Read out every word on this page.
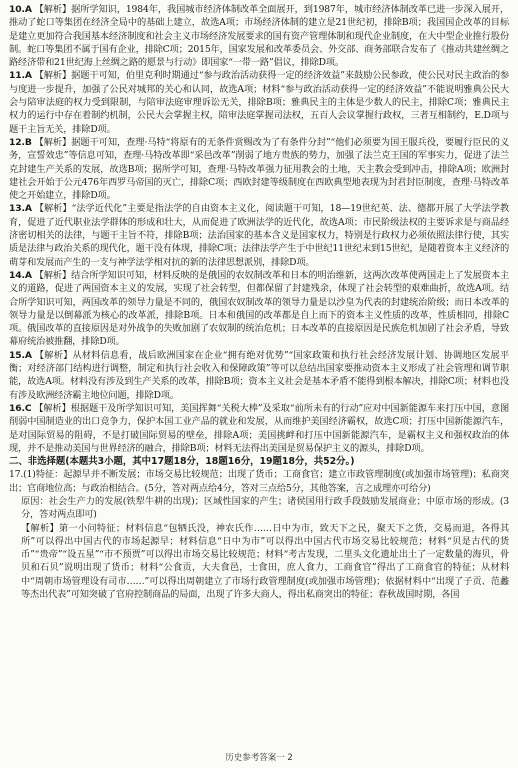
10.A 【解析】据所学知识，1984年，我国城市经济体制改革全面展开，到1987年，城市经济体制改革已进一步深入展开，推动了蛇口等集团在经济全局中的基础上建立，故选A项；市场经济体制的建立是21世纪初，排除B项；我国国企改革的目标是建立更加符合我国基本经济制度和社会主义市场经济发展要求的国有资产管理体制和现代企业制度，在大中型企业推行股份制。蛇口等集团不属于国有企业，排除C项；2015年，国家发展和改革委员会、外交部、商务部联合发布了《推动共建丝绸之路经济带和21世纪海上丝绸之路的愿景与行动》即国家“一带一路”倡议，排除D项。

11.A 【解析】据题干可知，伯里克利时期通过“参与政治活动获得一定的经济效益”来鼓励公民参政，使公民对民主政治的参与度进一步提升，加强了公民对城邦的关心和认同，故选A项；材料“参与政治活动获得一定的经济效益”不能说明雅典公民大会与陪审法庭的权力受到限制，与陪审法庭审理诉讼无关，排除B项；雅典民主的主体是少数人的民主，排除C项；雅典民主权力的运行中存在着制约机制，公民大会掌握主权，陪审法庭掌握司法权，五百人会议掌握行政权，三者互相制约，E.D项与题干主旨无关，排除D项。

12.B 【解析】据题干可知，查理·马特“将原有的无条件赏赐改为了有条件分封”“他们必须要为国王服兵役，要履行臣民的义务，宣誓效忠”等信息可知，查理·马特改革即“采邑改革”削弱了地方贵族的势力，加强了法兰克王国的军事实力，促进了法兰克封建生产关系的发展，故选B项；据所学可知，查理·马特改革强力征用教会的土地，天主教会受到冲击，排除A项；欧洲封建社会开始于公元476年西罗马帝国的灭亡，排除C项；西欧封建等级制度在西欧典型地表现为封君封臣制度，查理·马特改革使之开始建立，排除D项。

13.A 【解析】“法学近代化”主要是指法学的自由资本主义化，阅读题干可知，18—19世纪英、法、德都开展了大学法学教育，促进了近代职业法学群体的形成和壮大，从而促进了欧洲法学的近代化，故选A项；市民阶级法权的主要诉求是与商品经济密切相关的法律，与题干主旨不符，排除B项；法治国家的基本含义是国家权力，特别是行政权力必须依照法律行使，其实质是法律与政治关系的现代化，题干没有体现，排除C项；法律法学产生于中世纪11世纪末到15世纪，是随着资本主义经济的萌芽和发展而产生的一支与神学法学相对抗的新的法律思想派别，排除D项。

14.A 【解析】结合所学知识可知，材料反映的是俄国的农奴制改革和日本的明治维新，这两次改革使两国走上了发展资本主义的道路，促进了两国资本主义的发展，实现了社会转型，但都保留了封建残余，体现了社会转型的艰难曲折，故选A项。结合所学知识可知，两国改革的领导力量是不同的，俄国农奴制改革的领导力量是以沙皇为代表的封建统治阶级；而日本改革的领导力量是以倒幕派为核心的改革派，排除B项。日本和俄国的改革都是自上而下的资本主义性质的改革，性质相同，排除C项。俄国改革的直接原因是对外战争的失败加剧了农奴制的统治危机；日本改革的直接原因是民族危机加剧了社会矛盾，导致幕府统治被推翻，排除D项。

15.A 【解析】从材料信息看，战后欧洲国家在企业“拥有绝对优势”“国家政策和执行社会经济发展计划、协调地区发展平衡；对经济部门结构进行调整，制定和执行社会收入和保障政策”等可以总结出国家要推动资本主义形成了社会管理和调节职能，故选A项。材料没有涉及到生产关系的改革，排除B项；资本主义社会是基本矛盾不能得到根本解决，排除C项；材料也没有涉及欧洲经济霸主地位问题，排除D项。

16.C 【解析】根据题干及所学知识可知，美国挥舞“关税大棒”及采取“前所未有的行动”应对中国新能源车来打压中国，意图削弱中国制造业的出口竞争力，保护本国工业产品的就业和发展，从而维护美国经济霸权，故选C项；打压中国新能源汽车，是对国际贸易的阻碍，不是打破国际贸易的壁垒，排除A项；美国挑衅和打压中国新能源汽车，是霸权主义和强权政治的体现，并不是推动美国与世界经济的融合，排除B项；材料无法得出美国是贸易保护主义的源头，排除D项。

二、非选择题(本题共3小题，其中17题18分，18题16分，19题18分，共52分。)

17.(1)特征：起源早并不断发展；市场交易比较规范；出现了货币；工商食官；建立市政管理制度(或加强市场管理)；私商突出；官商地位高；与政治相结合。(5分，答对两点给4分，答对三点给5分，其他答案，言之成理亦可给分)

原因：社会生产力的发展(铁犁牛耕的出现)；区域性国家的产生；诸侯国用行政手段鼓励发展商业；中原市场的形成。(3分，答对两点即可)

【解析】第一小问特征；材料信息“包牺氏没，神农氏作……日中为市，致天下之民，聚天下之货，交易而退，各得其所”可以得出中国古代的市场起源早；材料信息“日中为市”可以得出中国古代市场交易比较规范；材料“贝是古代的货币”“贵帝”“设五星”“市不预贾”可以得出市场交易比较规范；材料“考古发现，二里头文化遗址出土了一定数量的海贝，骨贝和石贝”说明出现了货币；材料“公食贡，大夫食邑，士食田，庶人食力，工商食官”得出了工商食官的特征；从材料中“周朝市场管理设有司市……”可以得出周朝建立了市场行政管理制度(或加强市场管理)；依据材料中“出现了子贡、范蠡等杰出代表”可知突破了官府控制商品的局面，出现了许多大商人，得出私商突出的特征；春秋战国时期，各国

历史参考答案一 2
